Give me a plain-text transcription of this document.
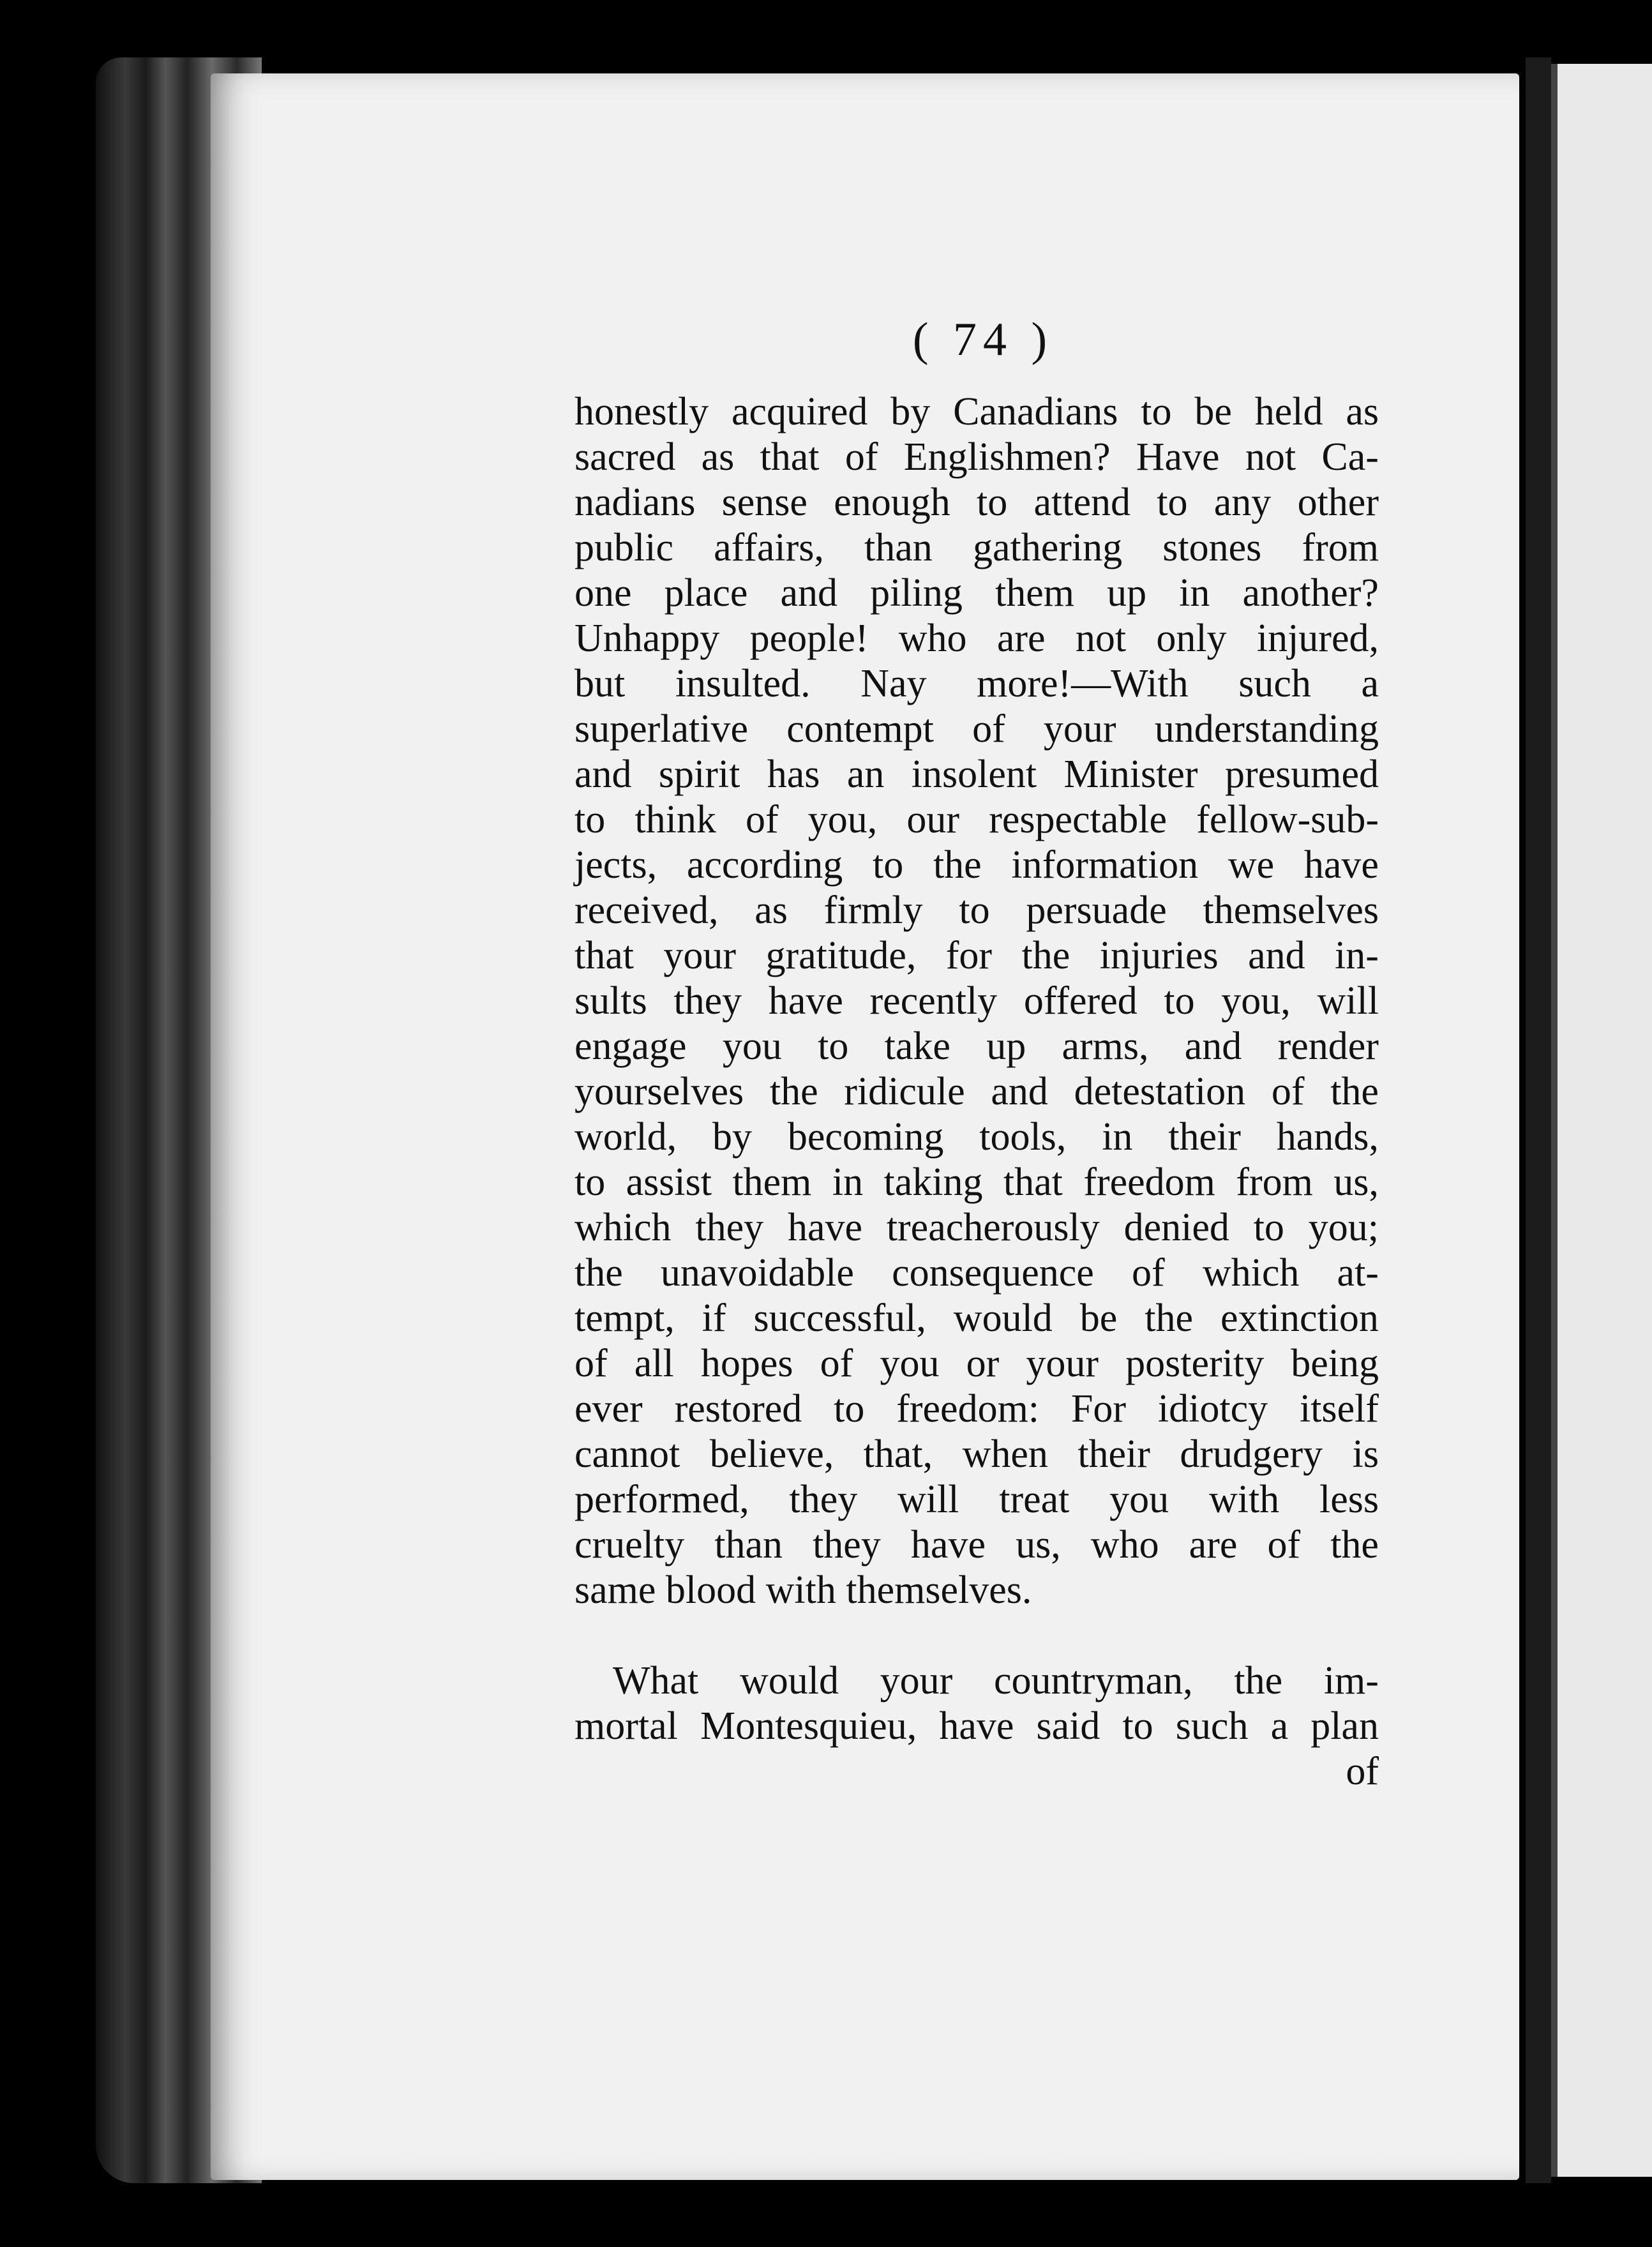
( 74 )
honestly acquired by Canadians to be held as
sacred as that of Englishmen? Have not Ca-
nadians sense enough to attend to any other
public affairs, than gathering stones from
one place and piling them up in another?
Unhappy people! who are not only injured,
but insulted. Nay more!—With such a
superlative contempt of your understanding
and spirit has an insolent Minister presumed
to think of you, our respectable fellow-sub-
jects, according to the information we have
received, as firmly to persuade themselves
that your gratitude, for the injuries and in-
sults they have recently offered to you, will
engage you to take up arms, and render
yourselves the ridicule and detestation of the
world, by becoming tools, in their hands,
to assist them in taking that freedom from us,
which they have treacherously denied to you;
the unavoidable consequence of which at-
tempt, if successful, would be the extinction
of all hopes of you or your posterity being
ever restored to freedom: For idiotcy itself
cannot believe, that, when their drudgery is
performed, they will treat you with less
cruelty than they have us, who are of the
same
blood
with
themselves.
What would your countryman, the im-
mortal Montesquieu, have said to such a plan
of
